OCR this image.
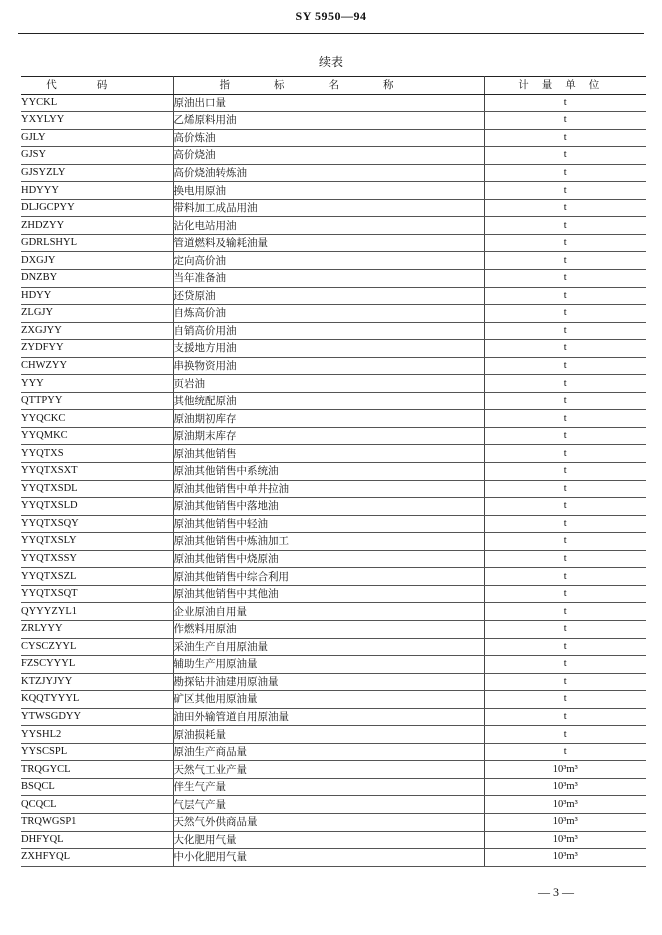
SY 5950—94
续表
代码	指标名称	计量单位
YYCKL	原油出口量	t
YXYLYY	乙烯原料用油	t
GJLY	高价炼油	t
GJSY	高价烧油	t
GJSYZLY	高价烧油转炼油	t
HDYYY	换电用原油	t
DLJGCPYY	带料加工成品用油	t
ZHDZYY	沾化电站用油	t
GDRLSHYL	管道燃料及输耗油量	t
DXGJY	定向高价油	t
DNZBY	当年准备油	t
HDYY	还贷原油	t
ZLGJY	自炼高价油	t
ZXGJYY	自销高价用油	t
ZYDFYY	支援地方用油	t
CHWZYY	串换物资用油	t
YYY	页岩油	t
QTTPYY	其他统配原油	t
YYQCKC	原油期初库存	t
YYQMKC	原油期末库存	t
YYQTXS	原油其他销售	t
YYQTXSXT	原油其他销售中系统油	t
YYQTXSDL	原油其他销售中单井拉油	t
YYQTXSLD	原油其他销售中落地油	t
YYQTXSQY	原油其他销售中轻油	t
YYQTXSLY	原油其他销售中炼油加工	t
YYQTXSSY	原油其他销售中烧原油	t
YYQTXSZL	原油其他销售中综合利用	t
YYQTXSQT	原油其他销售中其他油	t
QYYYZYL1	企业原油自用量	t
ZRLYYY	作燃料用原油	t
CYSCZYYL	采油生产自用原油量	t
FZSCYYYL	辅助生产用原油量	t
KTZJYJYY	勘探钻井油建用原油量	t
KQQTYYYL	矿区其他用原油量	t
YTWSGDYY	油田外输管道自用原油量	t
YYSHL2	原油损耗量	t
YYSCSPL	原油生产商品量	t
TRQGYCL	天然气工业产量	10³m³
BSQCL	伴生气产量	10³m³
QCQCL	气层气产量	10³m³
TRQWGSP1	天然气外供商品量	10³m³
DHFYQL	大化肥用气量	10³m³
ZXHFYQL	中小化肥用气量	10³m³
— 3 —
